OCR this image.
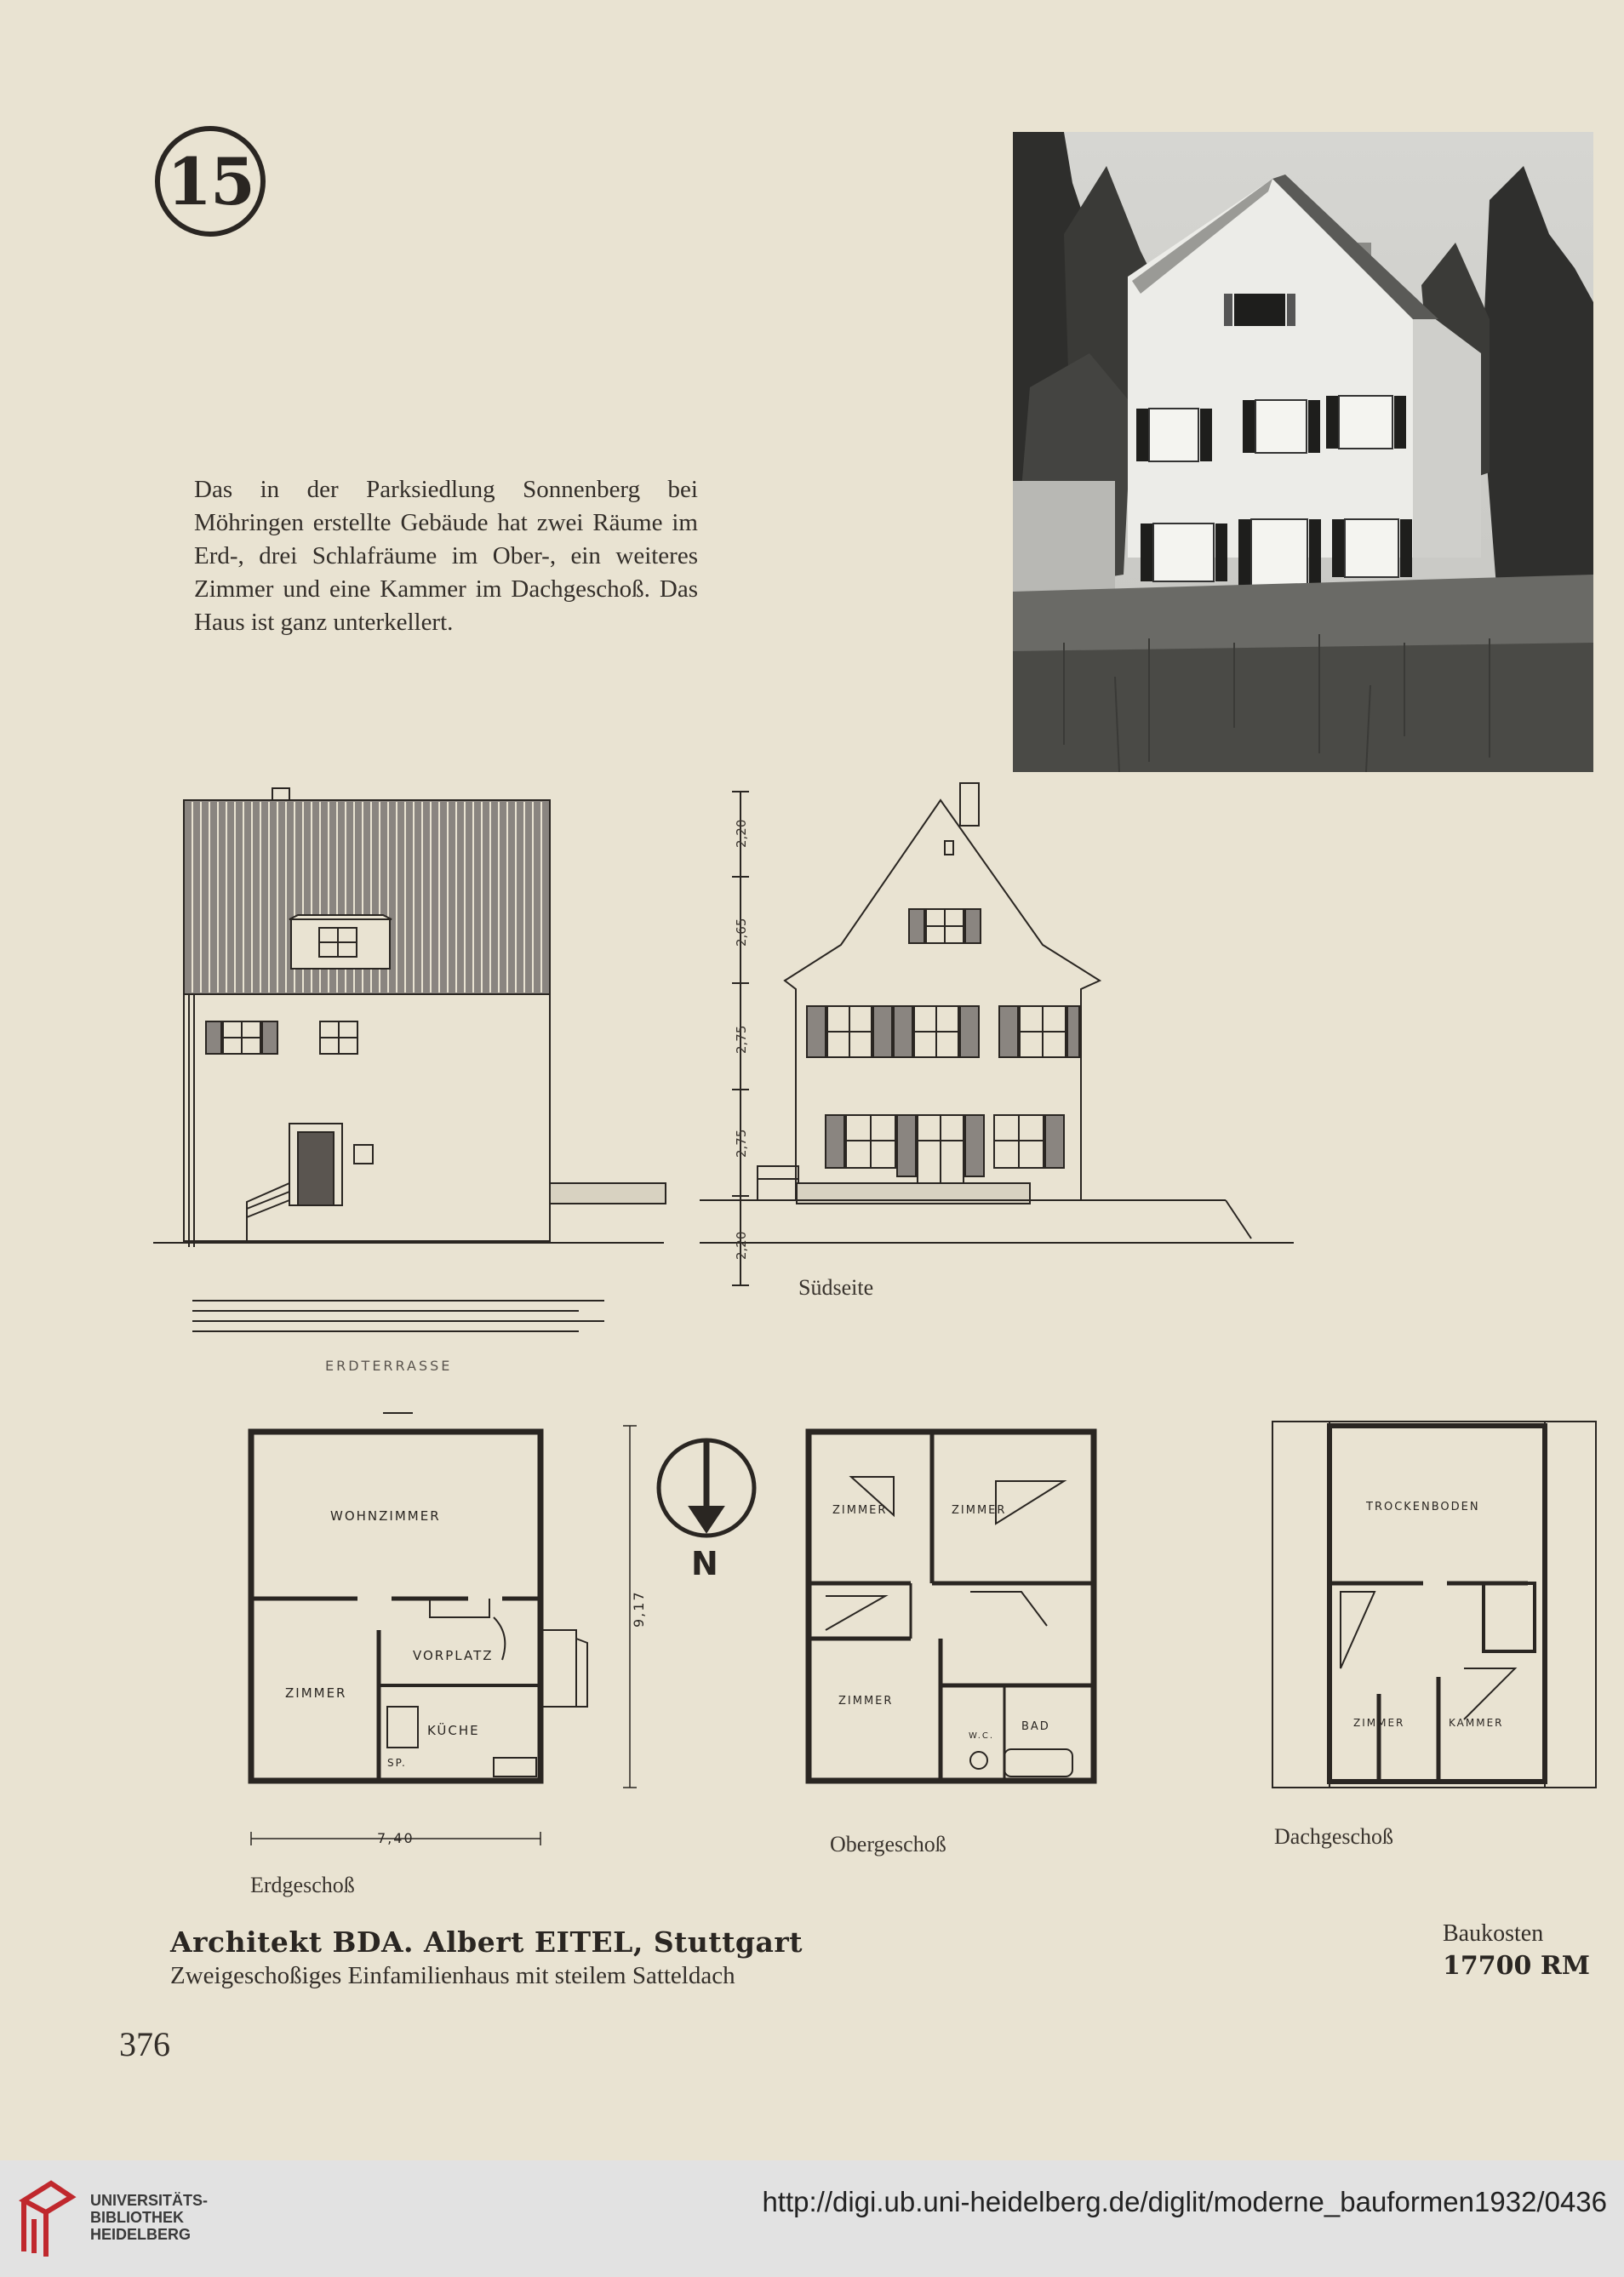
15
Das in der Parksiedlung Sonnenberg bei Möhringen erstellte Gebäude hat zwei Räume im Erd-, drei Schlafräume im Ober-, ein weiteres Zimmer und eine Kammer im Dachgeschoß. Das Haus ist ganz unterkellert.
2,20
2,65
2,75
2,75
2,20
ERDTERRASSE
Südseite
WOHNZIMMER
ZIMMER
VORPLATZ
KÜCHE
SP.
7,40
9,17
N
ZIMMER	ZIMMER
ZIMMER
W.C.
BAD
TROCKENBODEN
ZIMMER	KAMMER
Erdgeschoß
Obergeschoß	Dachgeschoß
Architekt BDA. Albert EITEL, Stuttgart
Zweigeschoßiges Einfamilienhaus mit steilem Satteldach
Baukosten
17700 RM
376
UNIVERSITÄTS-
BIBLIOTHEK
HEIDELBERG
http://digi.ub.uni-heidelberg.de/diglit/moderne_bauformen1932/0436
